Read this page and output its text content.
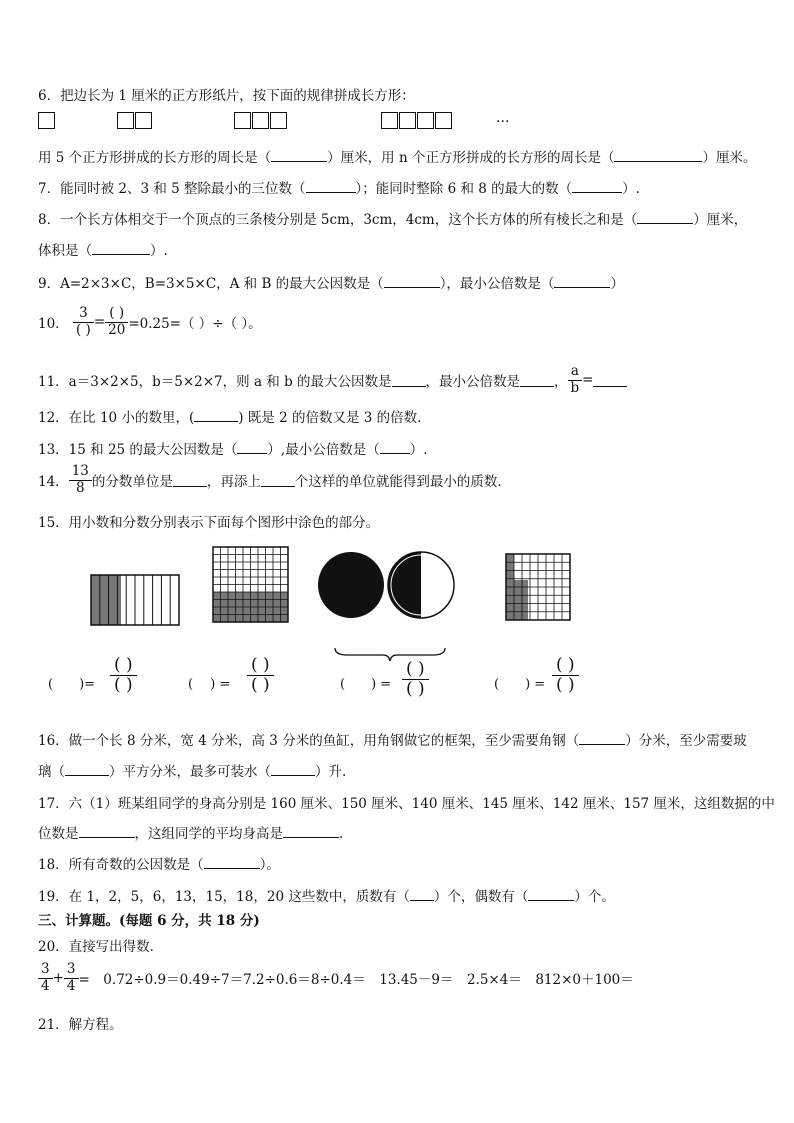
6．把边长为 1 厘米的正方形纸片，按下面的规律拼成长方形：
…
用 5 个正方形拼成的长方形的周长是（	）厘米，用 n 个正方形拼成的长方形的周长是（	）厘米。
7．能同时被 2、3 和 5 整除最小的三位数（	）；能同时整除 6 和 8 的最大的数（	）.
8．一个长方体相交于一个顶点的三条棱分别是 5cm，3cm，4cm，这个长方体的所有棱长之和是（	）厘米，
体积是（	）.
9．A=2×3×C，B=3×5×C，A 和 B 的最大公因数是（	），最小公倍数是（	）
10． $\frac{3}{( )} = \frac{( )}{20} =0.25=$（ ）÷（ ）。
11．a＝3×2×5，b＝5×2×7，则 a 和 b 的最大公因数是	，最小公倍数是	， $\frac{a}{b}$ =
12．在比 10 小的数里，(	) 既是 2 的倍数又是 3 的倍数.
13．15 和 25 的最大公因数是（ ）,最小公倍数是（ ）.
14． $\frac{13}{8}$ 的分数单位是	，再添上	个这样的单位就能得到最小的质数.
15．用小数和分数分别表示下面每个图形中涂色的部分。
(　　)=
( )
( )	(　 ) =
( )
( )	(　　) =
( )
( )	(　　) =
( )
( )
16．做一个长 8 分米，宽 4 分米，高 3 分米的鱼缸，用角钢做它的框架，至少需要角钢（	）分米，至少需要玻
璃（	）平方分米，最多可装水（	）升.
17．六（1）班某组同学的身高分别是 160 厘米、150 厘米、140 厘米、145 厘米、142 厘米、157 厘米，这组数据的中
位数是	，这组同学的平均身高是	．
18．所有奇数的公因数是（	）。
19．在 1，2，5，6，13，15，18，20 这些数中，质数有（ ）个，偶数有（	）个。
三、计算题。(每题 6 分，共 18 分)
20．直接写出得数．
$\frac{3}{4} + \frac{3}{4}$ =　0.72÷0.9＝0.49÷7＝7.2÷0.6＝8÷0.4＝　13.45－9＝　2.5×4＝　812×0＋100＝
21．解方程。
